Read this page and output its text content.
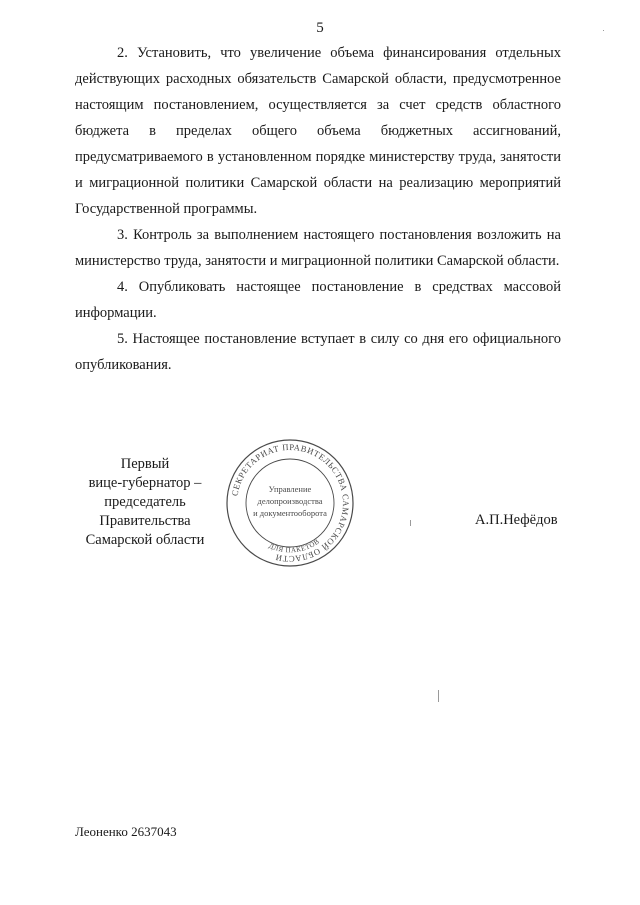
5

2. Установить, что увеличение объема финансирования отдельных действующих расходных обязательств Самарской области, предусмотренное настоящим постановлением, осуществляется за счет средств областного бюджета в пределах общего объема бюджетных ассигнований, предусматриваемого в установленном порядке министерству труда, занятости и миграционной политики Самарской области на реализацию мероприятий Государственной программы.

3. Контроль за выполнением настоящего постановления возложить на министерство труда, занятости и миграционной политики Самарской области.

4. Опубликовать настоящее постановление в средствах массовой информации.

5. Настоящее постановление вступает в силу со дня его официального опубликования.

Первый
вице-губернатор –
председатель Правительства
Самарской области
СЕКРЕТАРИАТ ПРАВИТЕЛЬСТВА САМАРСКОЙ ОБЛАСТИ
Управление
делопроизводства
и документооборота
ДЛЯ ПАКЕТОВ
А.П.Нефёдов
Леоненко 2637043
